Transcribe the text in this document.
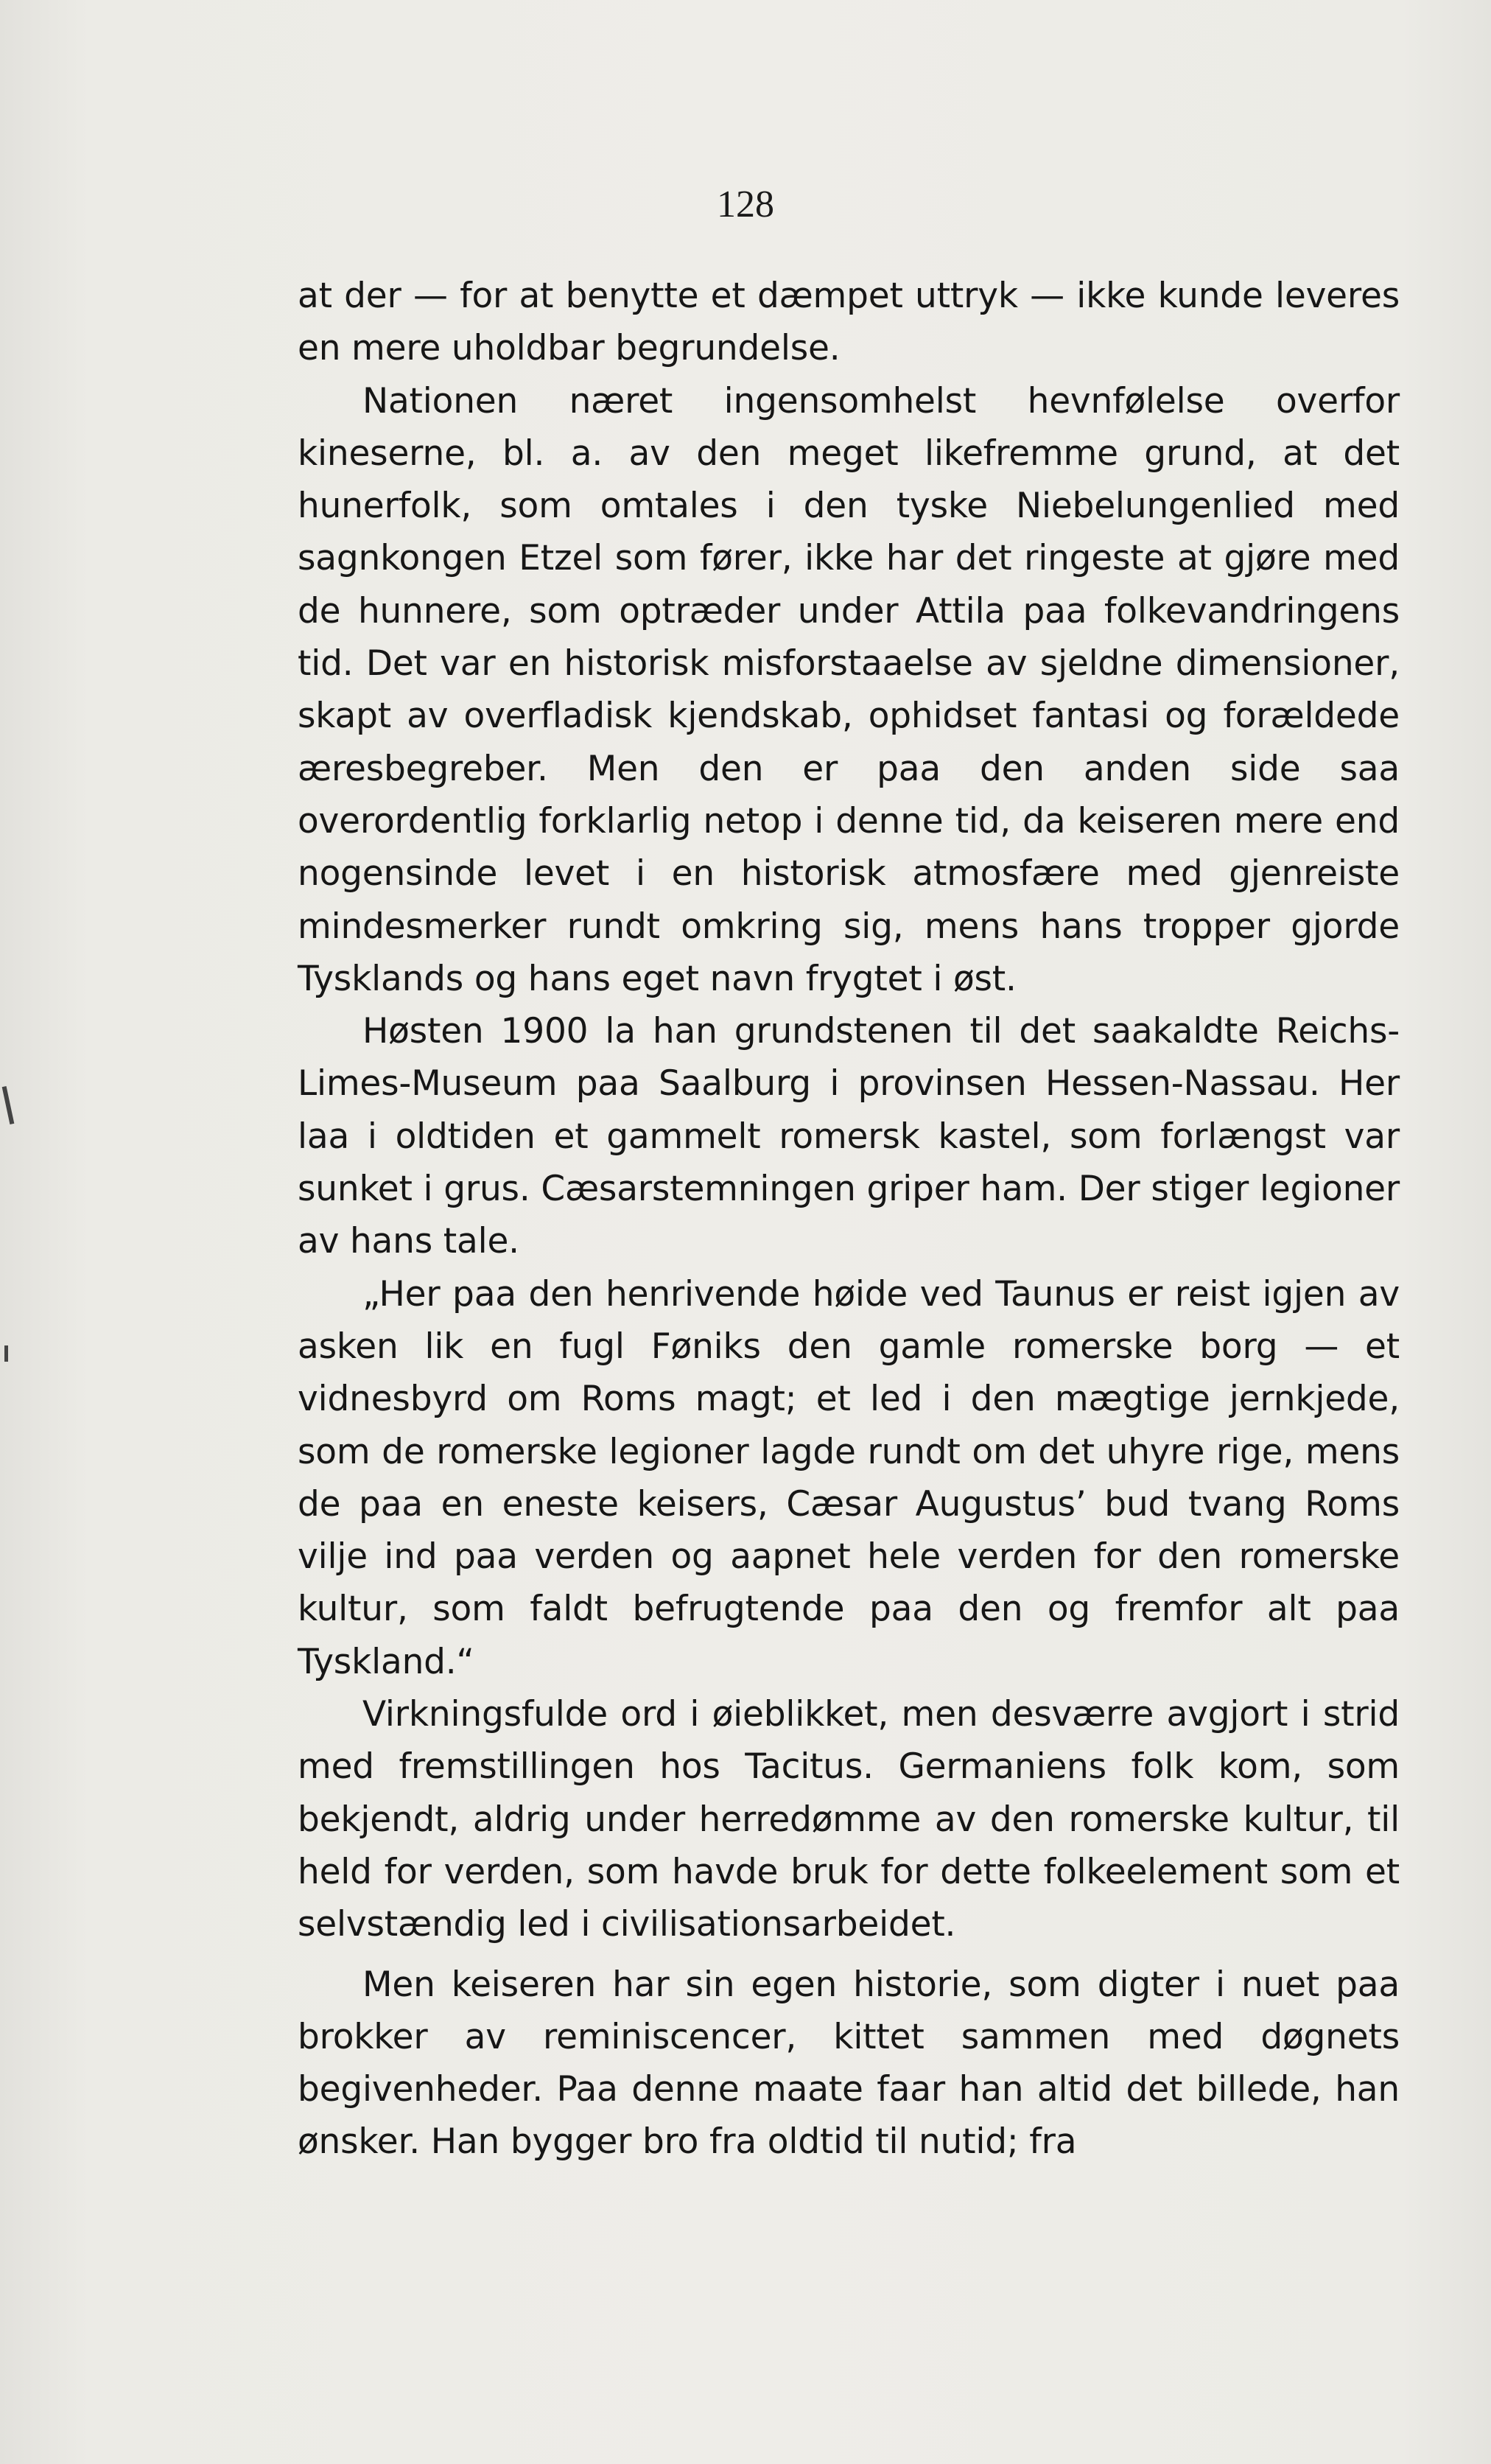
128

at der — for at benytte et dæmpet uttryk — ikke kunde leveres en mere uholdbar begrundelse.

Nationen næret ingensomhelst hevnfølelse overfor kineserne, bl. a. av den meget likefremme grund, at det hunerfolk, som omtales i den tyske Niebelungenlied med sagnkongen Etzel som fører, ikke har det ringeste at gjøre med de hunnere, som optræder under Attila paa folkevandringens tid. Det var en historisk misforstaaelse av sjeldne dimensioner, skapt av overfladisk kjendskab, ophidset fantasi og forældede æresbegreber. Men den er paa den anden side saa overordentlig forklarlig netop i denne tid, da keiseren mere end nogensinde levet i en historisk atmosfære med gjenreiste mindesmerker rundt omkring sig, mens hans tropper gjorde Tysklands og hans eget navn frygtet i øst.

Høsten 1900 la han grundstenen til det saakaldte Reichs-Limes-Museum paa Saalburg i provinsen Hessen-Nassau. Her laa i oldtiden et gammelt romersk kastel, som forlængst var sunket i grus. Cæsarstemningen griper ham. Der stiger legioner av hans tale.

„Her paa den henrivende høide ved Taunus er reist igjen av asken lik en fugl Føniks den gamle romerske borg — et vidnesbyrd om Roms magt; et led i den mægtige jernkjede, som de romerske legioner lagde rundt om det uhyre rige, mens de paa en eneste keisers, Cæsar Augustus’ bud tvang Roms vilje ind paa verden og aapnet hele verden for den romerske kultur, som faldt befrugtende paa den og fremfor alt paa Tyskland.“

Virkningsfulde ord i øieblikket, men desværre avgjort i strid med fremstillingen hos Tacitus. Germaniens folk kom, som bekjendt, aldrig under herredømme av den romerske kultur, til held for verden, som havde bruk for dette folkeelement som et selvstændig led i civilisationsarbeidet.

Men keiseren har sin egen historie, som digter i nuet paa brokker av reminiscencer, kittet sammen med døgnets begivenheder. Paa denne maate faar han altid det billede, han ønsker. Han bygger bro fra oldtid til nutid; fra
